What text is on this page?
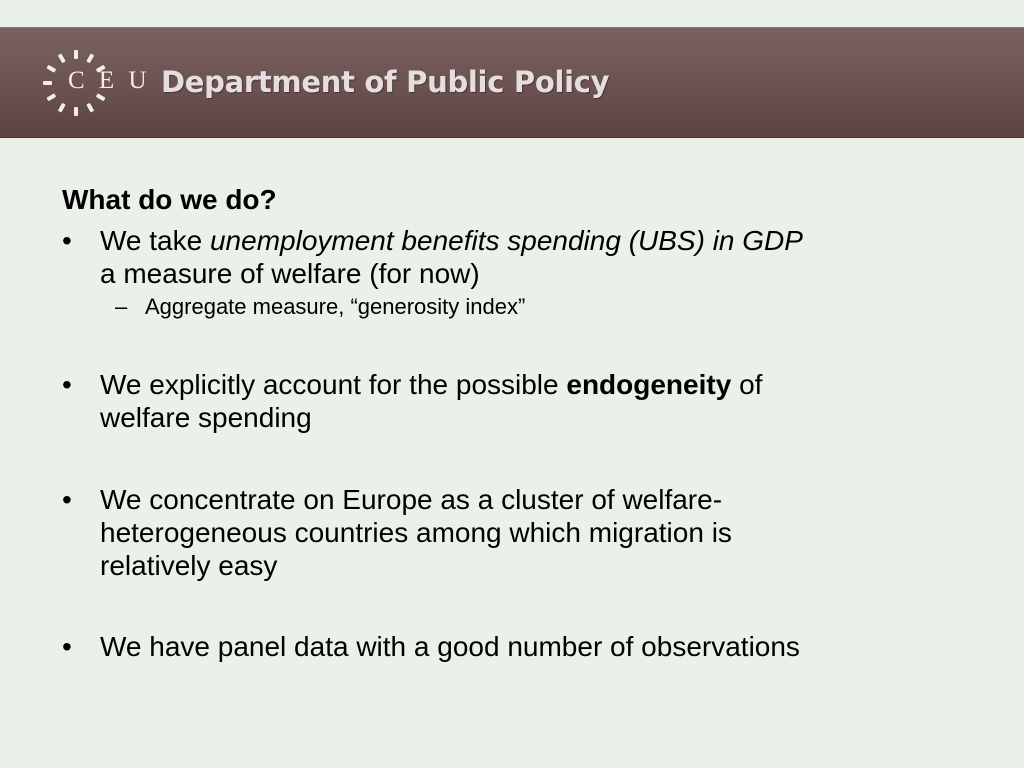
C E U Department of Public Policy
What do we do?
•	We take unemployment benefits spending (UBS) in GDP
a measure of welfare (for now)
– Aggregate measure, “generosity index”
•	We explicitly account for the possible endogeneity of
welfare spending
•	We concentrate on Europe as a cluster of welfare-
heterogeneous countries among which migration is
relatively easy
•	We have panel data with a good number of observations
